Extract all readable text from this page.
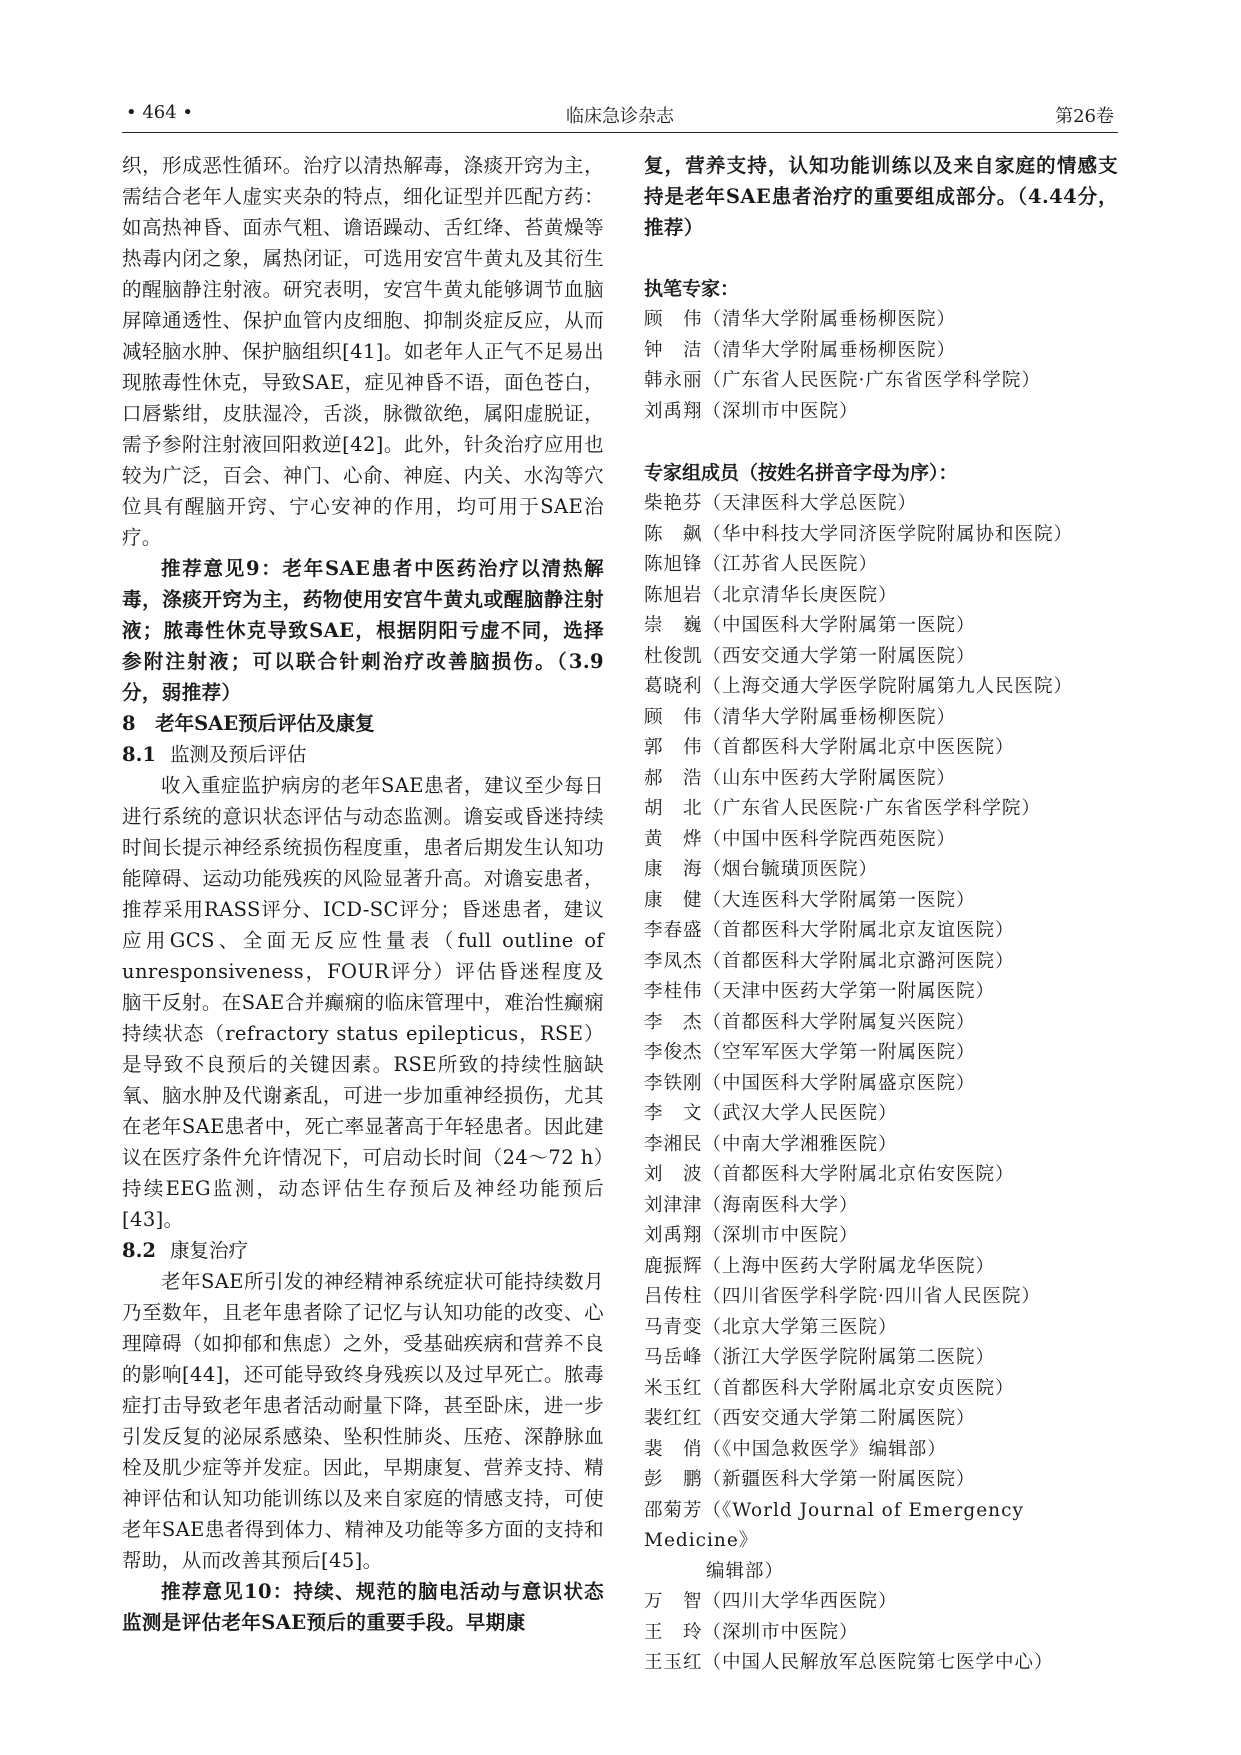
• 464 •	临床急诊杂志	第26卷

织，形成恶性循环。治疗以清热解毒，涤痰开窍为主，需结合老年人虚实夹杂的特点，细化证型并匹配方药：如高热神昏、面赤气粗、谵语躁动、舌红绛、苔黄燥等热毒内闭之象，属热闭证，可选用安宫牛黄丸及其衍生的醒脑静注射液。研究表明，安宫牛黄丸能够调节血脑屏障通透性、保护血管内皮细胞、抑制炎症反应，从而减轻脑水肿、保护脑组织[41]。如老年人正气不足易出现脓毒性休克，导致SAE，症见神昏不语，面色苍白，口唇紫绀，皮肤湿冷，舌淡，脉微欲绝，属阳虚脱证，需予参附注射液回阳救逆[42]。此外，针灸治疗应用也较为广泛，百会、神门、心俞、神庭、内关、水沟等穴位具有醒脑开窍、宁心安神的作用，均可用于SAE治疗。

推荐意见9：老年SAE患者中医药治疗以清热解毒，涤痰开窍为主，药物使用安宫牛黄丸或醒脑静注射液；脓毒性休克导致SAE，根据阴阳亏虚不同，选择参附注射液；可以联合针刺治疗改善脑损伤。（3.9分，弱推荐）

8　老年SAE预后评估及康复

8.1 监测及预后评估

收入重症监护病房的老年SAE患者，建议至少每日进行系统的意识状态评估与动态监测。谵妄或昏迷持续时间长提示神经系统损伤程度重，患者后期发生认知功能障碍、运动功能残疾的风险显著升高。对谵妄患者，推荐采用RASS评分、ICD-SC评分；昏迷患者，建议应用GCS、全面无反应性量表（full outline of unresponsiveness，FOUR评分）评估昏迷程度及脑干反射。在SAE合并癫痫的临床管理中，难治性癫痫持续状态（refractory status epilepticus，RSE）是导致不良预后的关键因素。RSE所致的持续性脑缺氧、脑水肿及代谢紊乱，可进一步加重神经损伤，尤其在老年SAE患者中，死亡率显著高于年轻患者。因此建议在医疗条件允许情况下，可启动长时间（24～72 h）持续EEG监测，动态评估生存预后及神经功能预后[43]。

8.2 康复治疗

老年SAE所引发的神经精神系统症状可能持续数月乃至数年，且老年患者除了记忆与认知功能的改变、心理障碍（如抑郁和焦虑）之外，受基础疾病和营养不良的影响[44]，还可能导致终身残疾以及过早死亡。脓毒症打击导致老年患者活动耐量下降，甚至卧床，进一步引发反复的泌尿系感染、坠积性肺炎、压疮、深静脉血栓及肌少症等并发症。因此，早期康复、营养支持、精神评估和认知功能训练以及来自家庭的情感支持，可使老年SAE患者得到体力、精神及功能等多方面的支持和帮助，从而改善其预后[45]。

推荐意见10：持续、规范的脑电活动与意识状态监测是评估老年SAE预后的重要手段。早期康

复，营养支持，认知功能训练以及来自家庭的情感支持是老年SAE患者治疗的重要组成部分。（4.44分，推荐）

执笔专家：

顾　伟（清华大学附属垂杨柳医院）
钟　洁（清华大学附属垂杨柳医院）
韩永丽（广东省人民医院·广东省医学科学院）
刘禹翔（深圳市中医院）

专家组成员（按姓名拼音字母为序）：

柴艳芬（天津医科大学总医院）
陈　飙（华中科技大学同济医学院附属协和医院）
陈旭锋（江苏省人民医院）
陈旭岩（北京清华长庚医院）
崇　巍（中国医科大学附属第一医院）
杜俊凯（西安交通大学第一附属医院）
葛晓利（上海交通大学医学院附属第九人民医院）
顾　伟（清华大学附属垂杨柳医院）
郭　伟（首都医科大学附属北京中医医院）
郝　浩（山东中医药大学附属医院）
胡　北（广东省人民医院·广东省医学科学院）
黄　烨（中国中医科学院西苑医院）
康　海（烟台毓璜顶医院）
康　健（大连医科大学附属第一医院）
李春盛（首都医科大学附属北京友谊医院）
李凤杰（首都医科大学附属北京潞河医院）
李桂伟（天津中医药大学第一附属医院）
李　杰（首都医科大学附属复兴医院）
李俊杰（空军军医大学第一附属医院）
李铁刚（中国医科大学附属盛京医院）
李　文（武汉大学人民医院）
李湘民（中南大学湘雅医院）
刘　波（首都医科大学附属北京佑安医院）
刘津津（海南医科大学）
刘禹翔（深圳市中医院）
鹿振辉（上海中医药大学附属龙华医院）
吕传柱（四川省医学科学院·四川省人民医院）
马青变（北京大学第三医院）
马岳峰（浙江大学医学院附属第二医院）
米玉红（首都医科大学附属北京安贞医院）
裴红红（西安交通大学第二附属医院）
裴　俏（《中国急救医学》编辑部）
彭　鹏（新疆医科大学第一附属医院）
邵菊芳（《World Journal of Emergency Medicine》
编辑部）
万　智（四川大学华西医院）
王　玲（深圳市中医院）
王玉红（中国人民解放军总医院第七医学中心）
